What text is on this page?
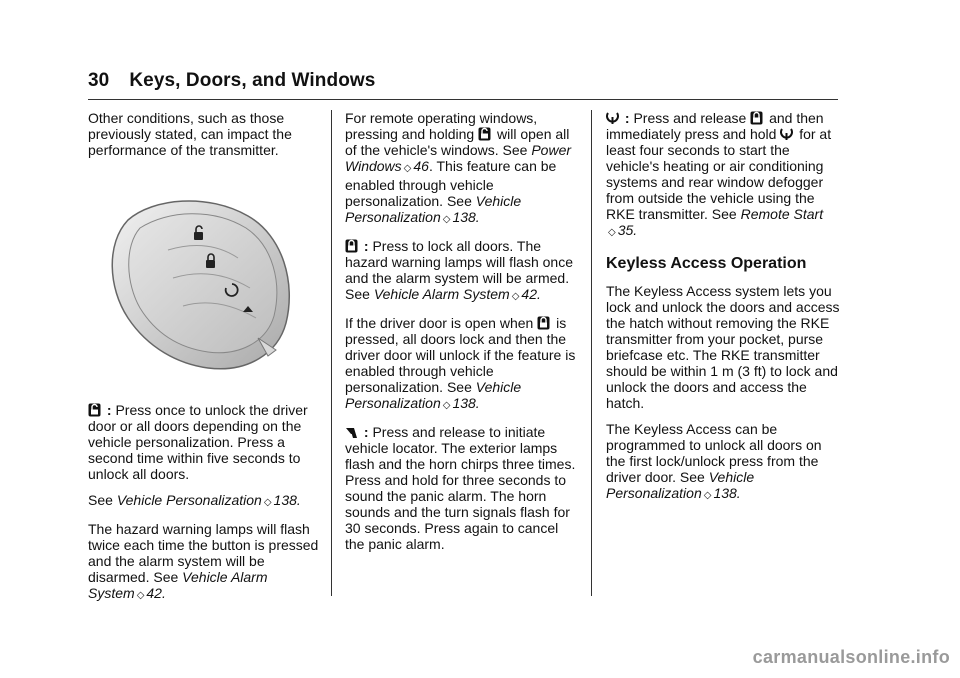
30 Keys, Doors, and Windows

Other conditions, such as those previously stated, can impact the performance of the transmitter.

: Press once to unlock the driver door or all doors depending on the vehicle personalization. Press a second time within five seconds to unlock all doors.

See Vehicle Personalization ◇ 138.

The hazard warning lamps will flash twice each time the button is pressed and the alarm system will be disarmed. See Vehicle Alarm System ◇ 42.

For remote operating windows, pressing and holding
will open all of the vehicle's windows. See Power Windows ◇ 46. This feature can be enabled through vehicle personalization. See Vehicle Personalization ◇ 138.

: Press to lock all doors. The hazard warning lamps will flash once and the alarm system will be armed. See Vehicle Alarm System ◇ 42.

If the driver door is open when
is pressed, all doors lock and then the driver door will unlock if the feature is enabled through vehicle personalization. See Vehicle Personalization ◇ 138.

: Press and release to initiate vehicle locator. The exterior lamps flash and the horn chirps three times. Press and hold for three seconds to sound the panic alarm. The horn sounds and the turn signals flash for 30 seconds. Press again to cancel the panic alarm.

: Press and release
and then immediately press and hold
for at least four seconds to start the vehicle's heating or air conditioning systems and rear window defogger from outside the vehicle using the RKE transmitter. See Remote Start
◇ 35.

Keyless Access Operation

The Keyless Access system lets you lock and unlock the doors and access the hatch without removing the RKE transmitter from your pocket, purse briefcase etc. The RKE transmitter should be within 1 m (3 ft) to lock and unlock the doors and access the hatch.

The Keyless Access can be programmed to unlock all doors on the first lock/unlock press from the driver door. See Vehicle Personalization ◇ 138.

carmanualsonline.info
